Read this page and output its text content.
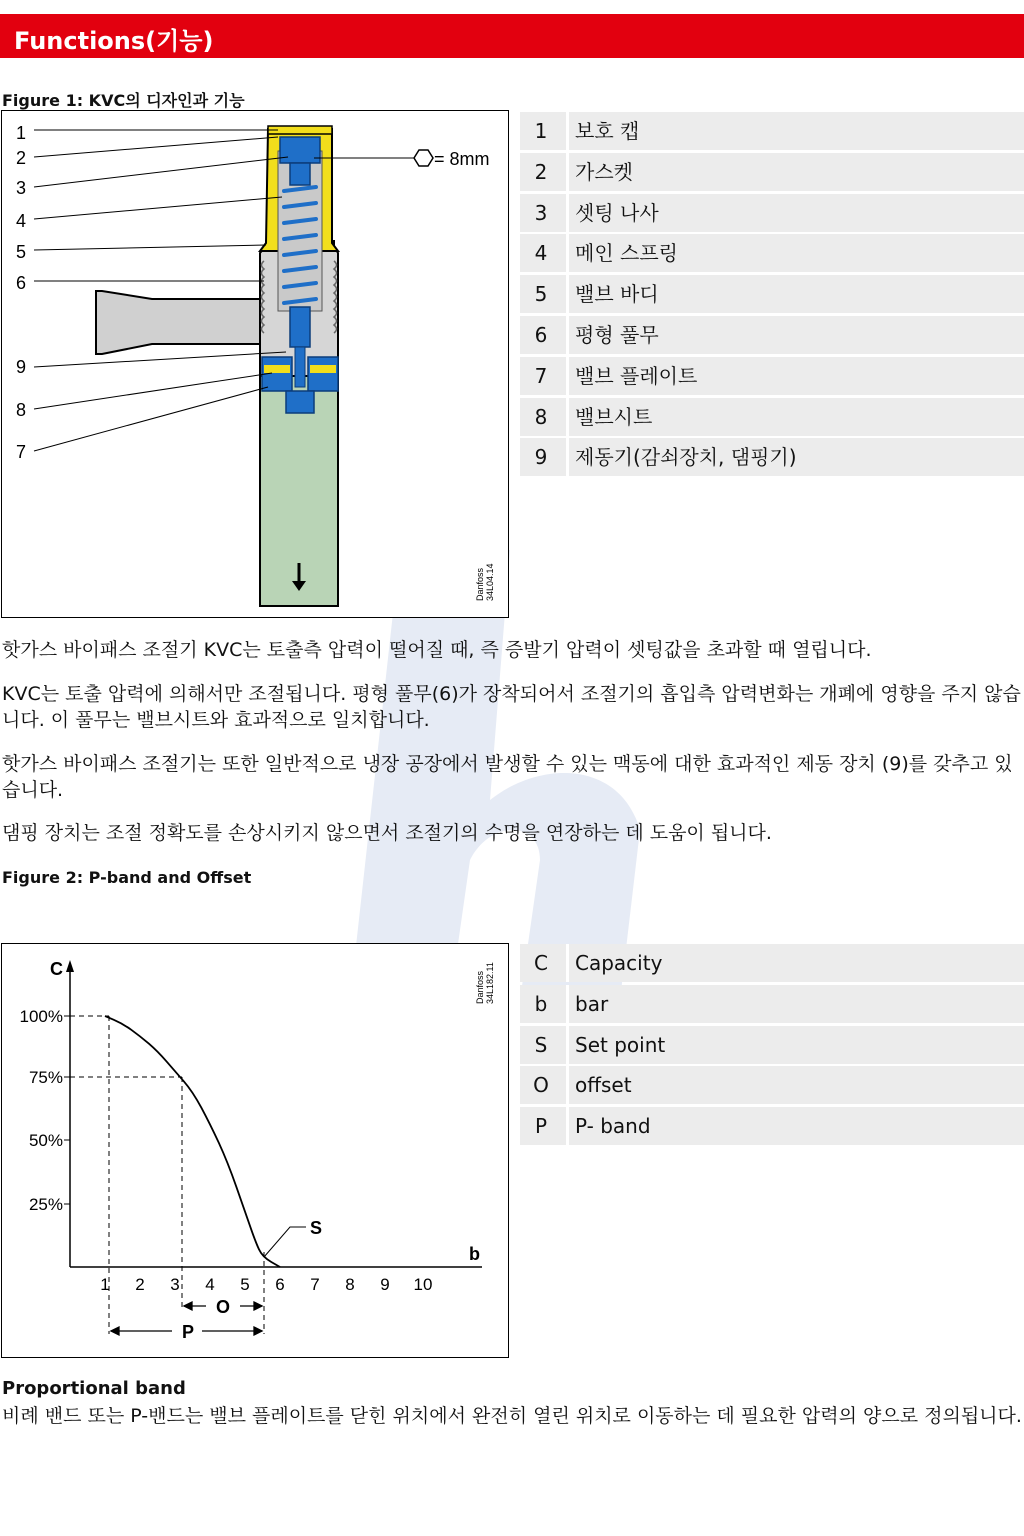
Functions(기능)
Figure 1: KVC의 디자인과 기능
= 8mm
1
2
3
4
5
6
9
8
7
Danfoss 34L04.14
1	보호 캡
2	가스켓
3	셋팅 나사
4	메인 스프링
5	밸브 바디
6	평형 풀무
7	밸브 플레이트
8	밸브시트
9	제동기(감쇠장치, 댐핑기)
핫가스 바이패스 조절기 KVC는 토출측 압력이 떨어질 때, 즉 증발기 압력이 셋팅값을 초과할 때 열립니다.
KVC는 토출 압력에 의해서만 조절됩니다. 평형 풀무(6)가 장착되어서 조절기의 흡입측 압력변화는 개폐에 영향을 주지 않습니다. 이 풀무는 밸브시트와 효과적으로 일치합니다.
핫가스 바이패스 조절기는 또한 일반적으로 냉장 공장에서 발생할 수 있는 맥동에 대한 효과적인 제동 장치 (9)를 갖추고 있습니다.
댐핑 장치는 조절 정확도를 손상시키지 않으면서 조절기의 수명을 연장하는 데 도움이 됩니다.
Figure 2: P-band and Offset
C
b
100%
75%
50%
25%
1 2 3 4 5 6 7 8 9 10
O
P
S
Danfoss 34L182.11	C	Capacity
b	bar
S	Set point
O	offset
P	P- band
Proportional band
비례 밴드 또는 P-밴드는 밸브 플레이트를 닫힌 위치에서 완전히 열린 위치로 이동하는 데 필요한 압력의 양으로 정의됩니다.
